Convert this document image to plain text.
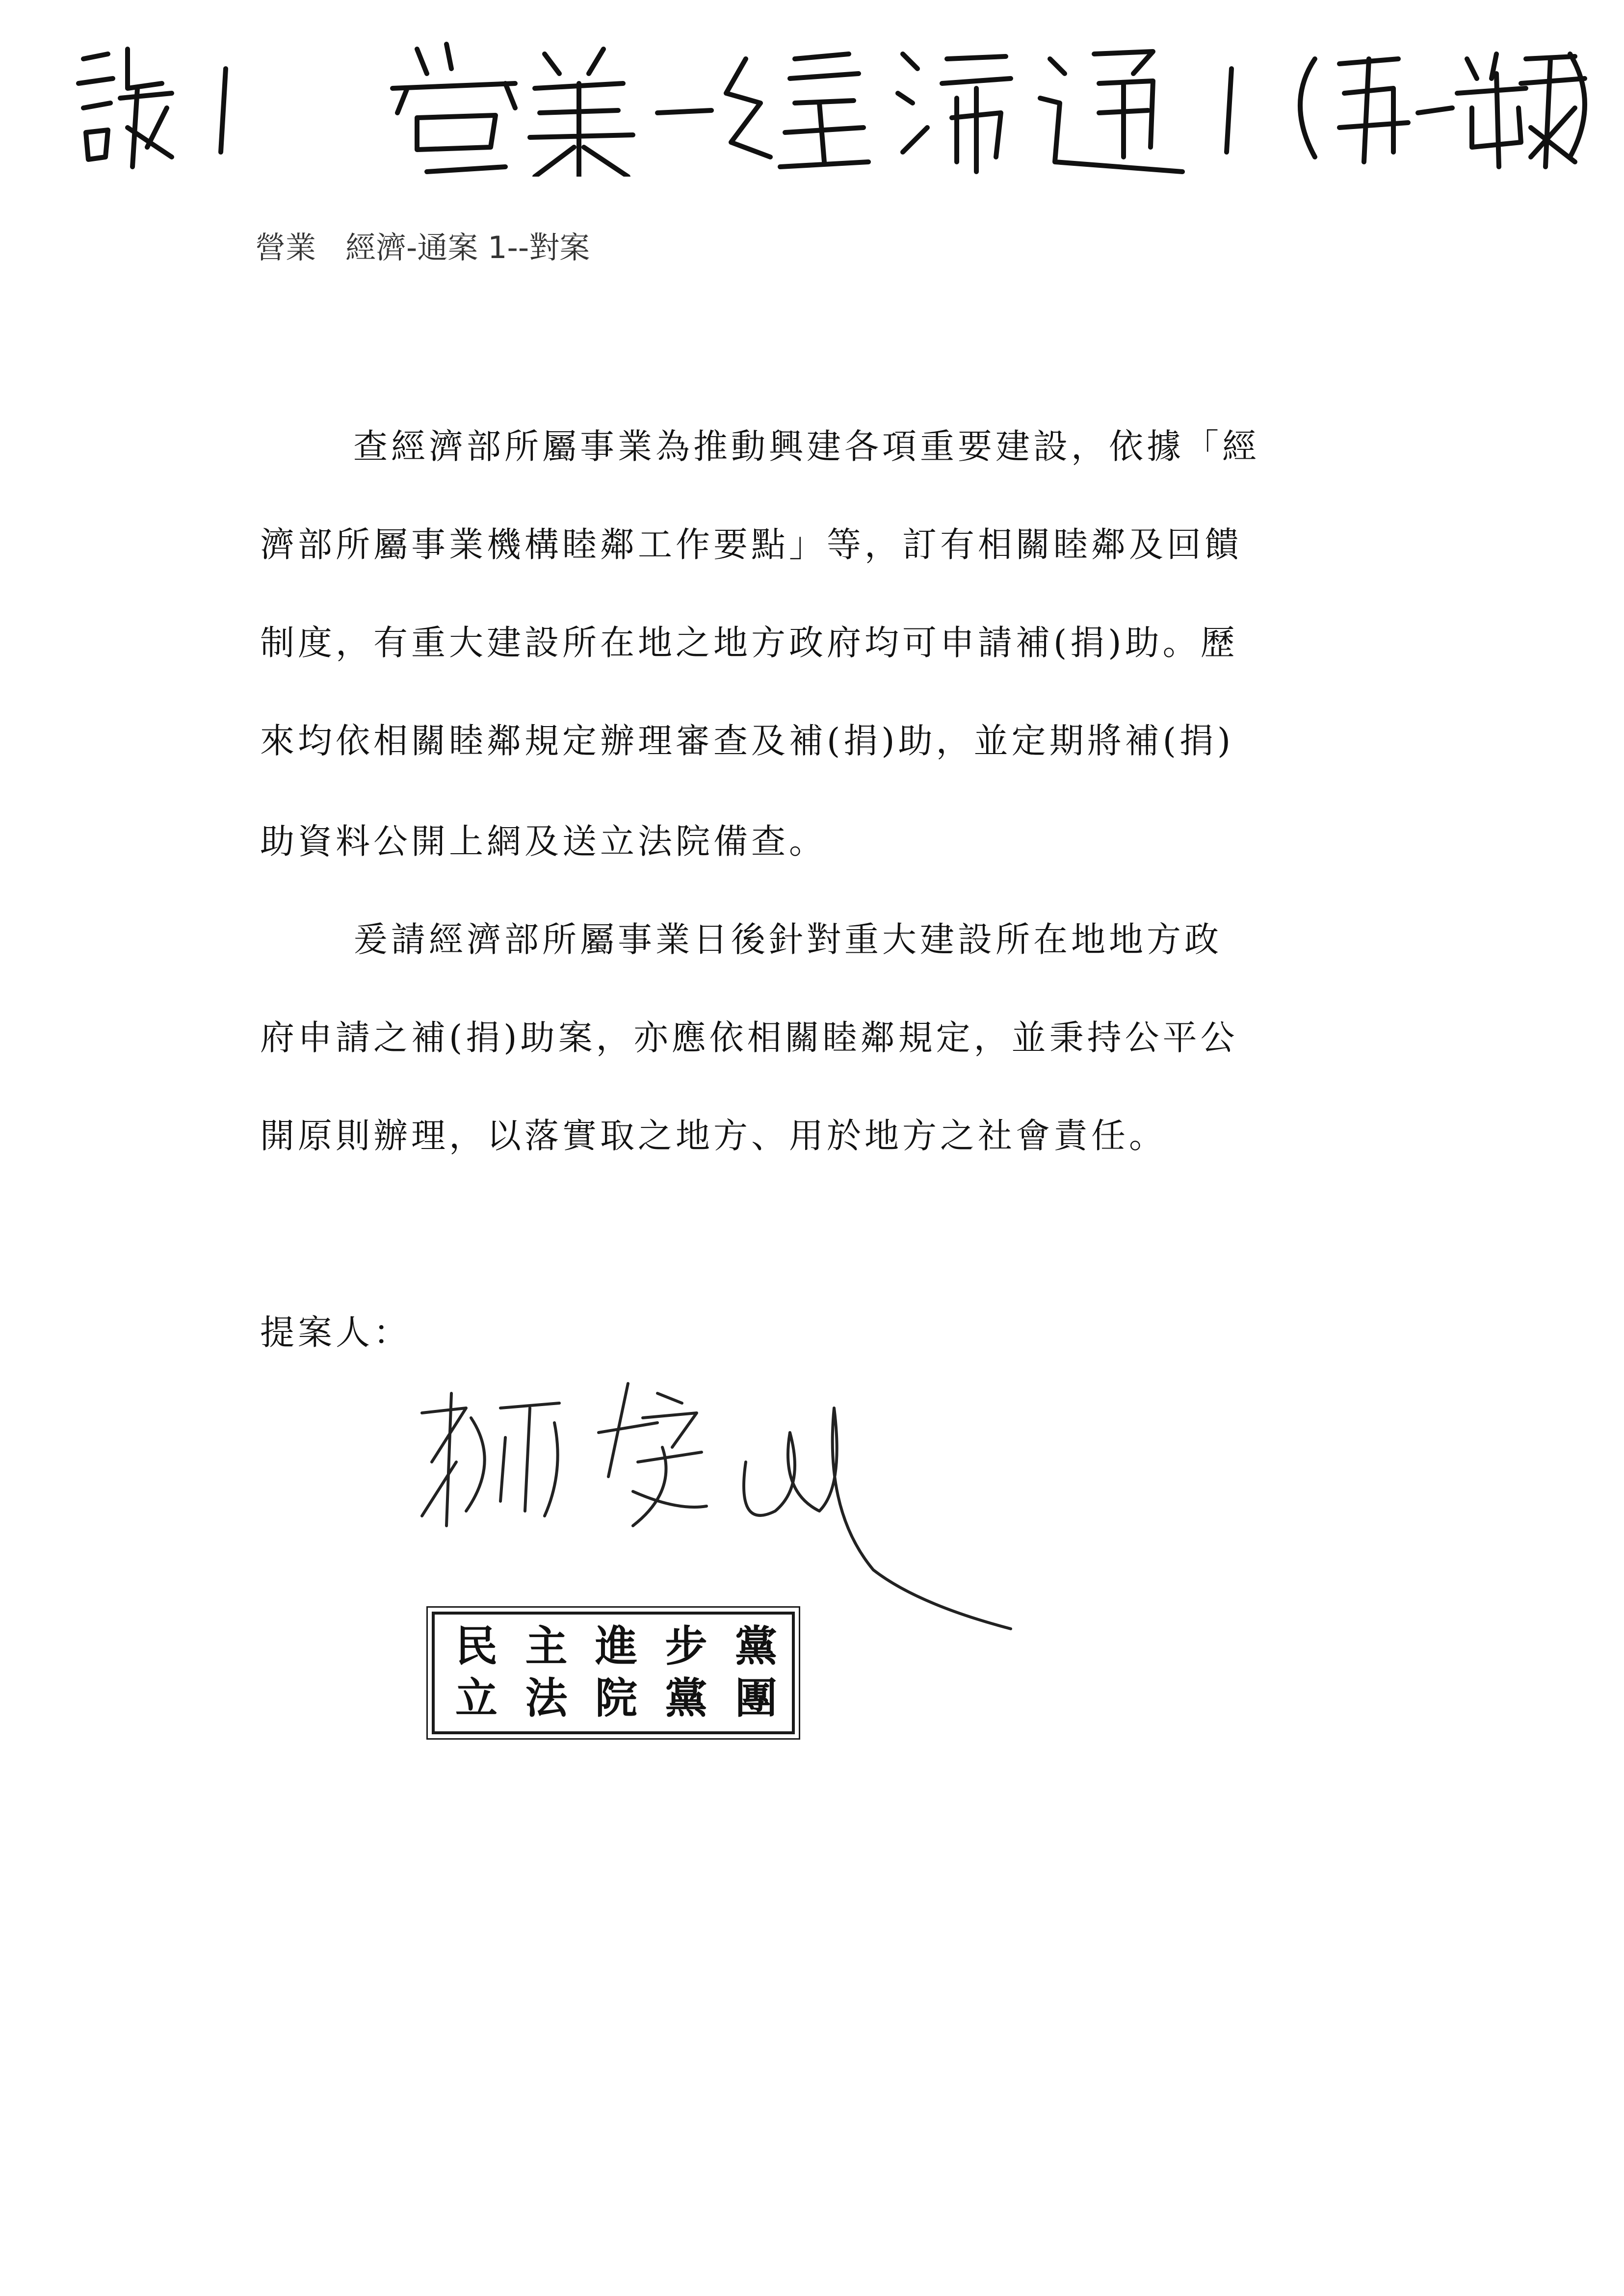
營業 經濟-通案 1--對案
查經濟部所屬事業為推動興建各項重要建設，依據「經
濟部所屬事業機構睦鄰工作要點」等，訂有相關睦鄰及回饋
制度，有重大建設所在地之地方政府均可申請補(捐)助。歷
來均依相關睦鄰規定辦理審查及補(捐)助，並定期將補(捐)
助資料公開上網及送立法院備查。
爰請經濟部所屬事業日後針對重大建設所在地地方政
府申請之補(捐)助案，亦應依相關睦鄰規定，並秉持公平公
開原則辦理，以落實取之地方、用於地方之社會責任。
提案人：
民 主 進 步 黨
立 法 院 黨 團
